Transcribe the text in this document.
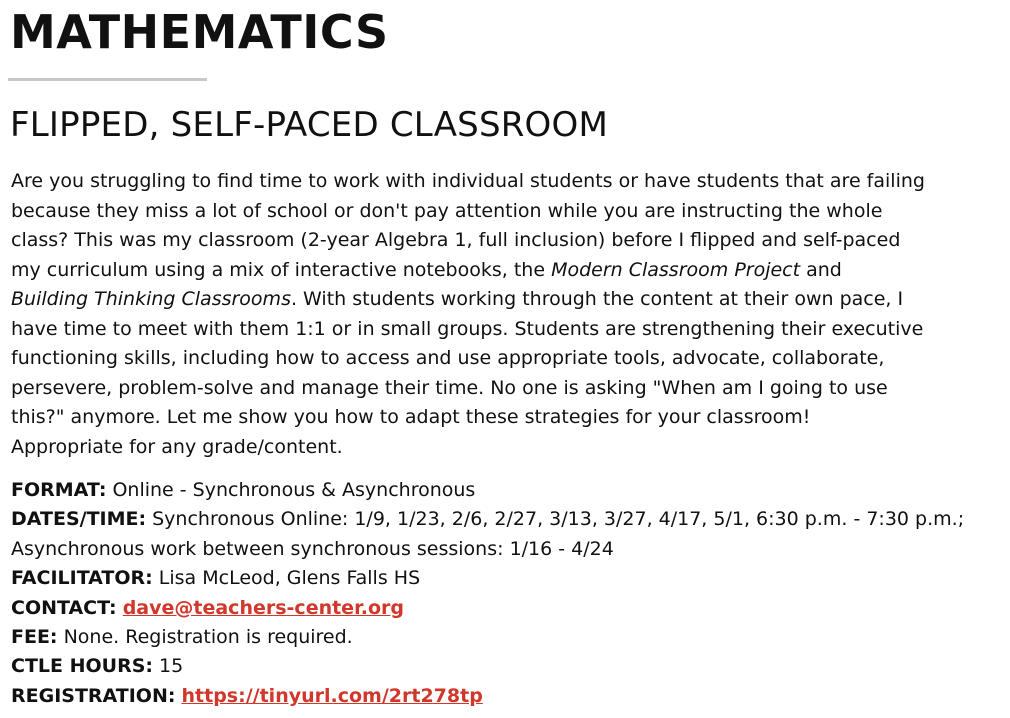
MATHEMATICS
FLIPPED, SELF-PACED CLASSROOM

Are you struggling to find time to work with individual students or have students that are failing
because they miss a lot of school or don't pay attention while you are instructing the whole
class? This was my classroom (2-year Algebra 1, full inclusion) before I flipped and self-paced
my curriculum using a mix of interactive notebooks, the Modern Classroom Project and
Building Thinking Classrooms. With students working through the content at their own pace, I
have time to meet with them 1:1 or in small groups. Students are strengthening their executive
functioning skills, including how to access and use appropriate tools, advocate, collaborate,
persevere, problem-solve and manage their time. No one is asking "When am I going to use
this?" anymore. Let me show you how to adapt these strategies for your classroom!
Appropriate for any grade/content.

FORMAT: Online - Synchronous & Asynchronous
DATES/TIME: Synchronous Online: 1/9, 1/23, 2/6, 2/27, 3/13, 3/27, 4/17, 5/1, 6:30 p.m. - 7:30 p.m.;
Asynchronous work between synchronous sessions: 1/16 - 4/24
FACILITATOR: Lisa McLeod, Glens Falls HS
CONTACT: dave@teachers-center.org
FEE: None. Registration is required.
CTLE HOURS: 15
REGISTRATION: https://tinyurl.com/2rt278tp
